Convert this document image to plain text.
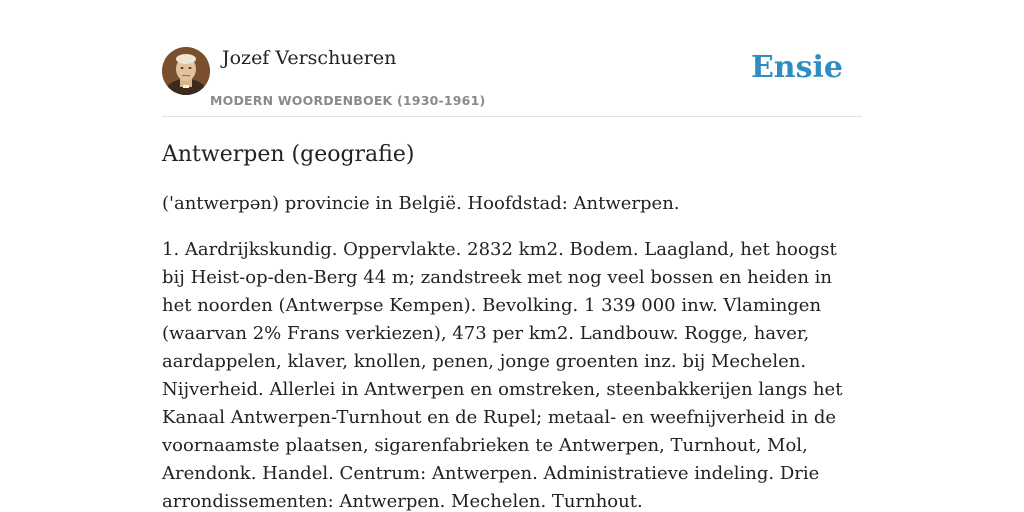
Jozef Verschueren
MODERN WOORDENBOEK (1930-1961)
Ensie
Antwerpen (geografie)

('antwerpən) provincie in België. Hoofdstad: Antwerpen.

1. Aardrijkskundig. Oppervlakte. 2832 km2. Bodem. Laagland, het hoogst bij Heist-op-den-Berg 44 m; zandstreek met nog veel bossen en heiden in het noorden (Antwerpse Kempen). Bevolking. 1 339 000 inw. Vlamingen (waarvan 2% Frans verkiezen), 473 per km2. Landbouw. Rogge, haver, aardappelen, klaver, knollen, penen, jonge groenten inz. bij Mechelen. Nijverheid. Allerlei in Antwerpen en omstreken, steenbakkerijen langs het Kanaal Antwerpen-Turnhout en de Rupel; metaal- en weefnijverheid in de voornaamste plaatsen, sigarenfabrieken te Antwerpen, Turnhout, Mol, Arendonk. Handel. Centrum: Antwerpen. Administratieve indeling. Drie arrondissementen: Antwerpen. Mechelen. Turnhout.
